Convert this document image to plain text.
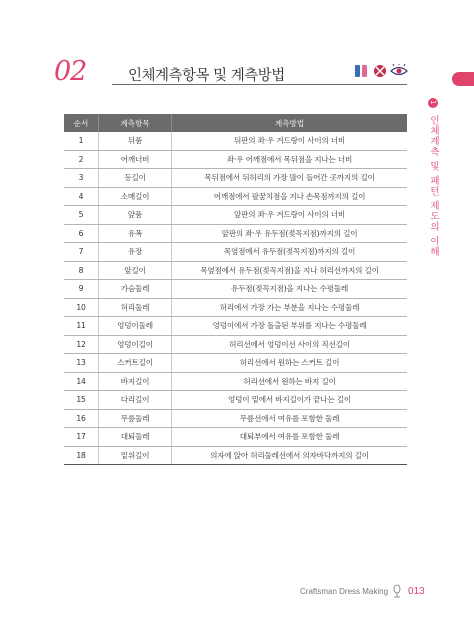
02	인체계측항목 및 계측방법
1 인체계측 및 패턴 제도의 이해
순서	계측항목	계측방법
1	뒤품	뒤판의 좌·우 겨드랑이 사이의 너비
2	어깨너비	좌·우 어깨점에서 목뒤점을 지나는 너비
3	등길이	목뒤점에서 뒤허리의 가장 많이 들어간 곳까지의 길이
4	소매길이	어깨점에서 팔꿈치점을 지나 손목점까지의 길이
5	앞품	앞판의 좌·우 겨드랑이 사이의 너비
6	유폭	앞판의 좌·우 유두점(젖꼭지점)까지의 길이
7	유장	목옆점에서 유두점(젖꼭지점)까지의 길이
8	앞길이	목옆점에서 유두점(젖꼭지점)을 지나 허리선까지의 길이
9	가슴둘레	유두점(젖꼭지점)을 지나는 수평둘레
10	허리둘레	허리에서 가장 가는 부분을 지나는 수평둘레
11	엉덩이둘레	엉덩이에서 가장 돌출된 부위를 지나는 수평둘레
12	엉덩이길이	허리선에서 엉덩이선 사이의 직선길이
13	스커트길이	허리선에서 원하는 스커트 길이
14	바지길이	허리선에서 원하는 바지 길이
15	다리길이	엉덩이 밑에서 바지길이가 끝나는 길이
16	무릎둘레	무릎선에서 여유를 포함한 둘레
17	대퇴둘레	대퇴부에서 여유를 포함한 둘레
18	밑위길이	의자에 앉아 허리둘레선에서 의자바닥까지의 길이
Craftsman Dress Making 013
